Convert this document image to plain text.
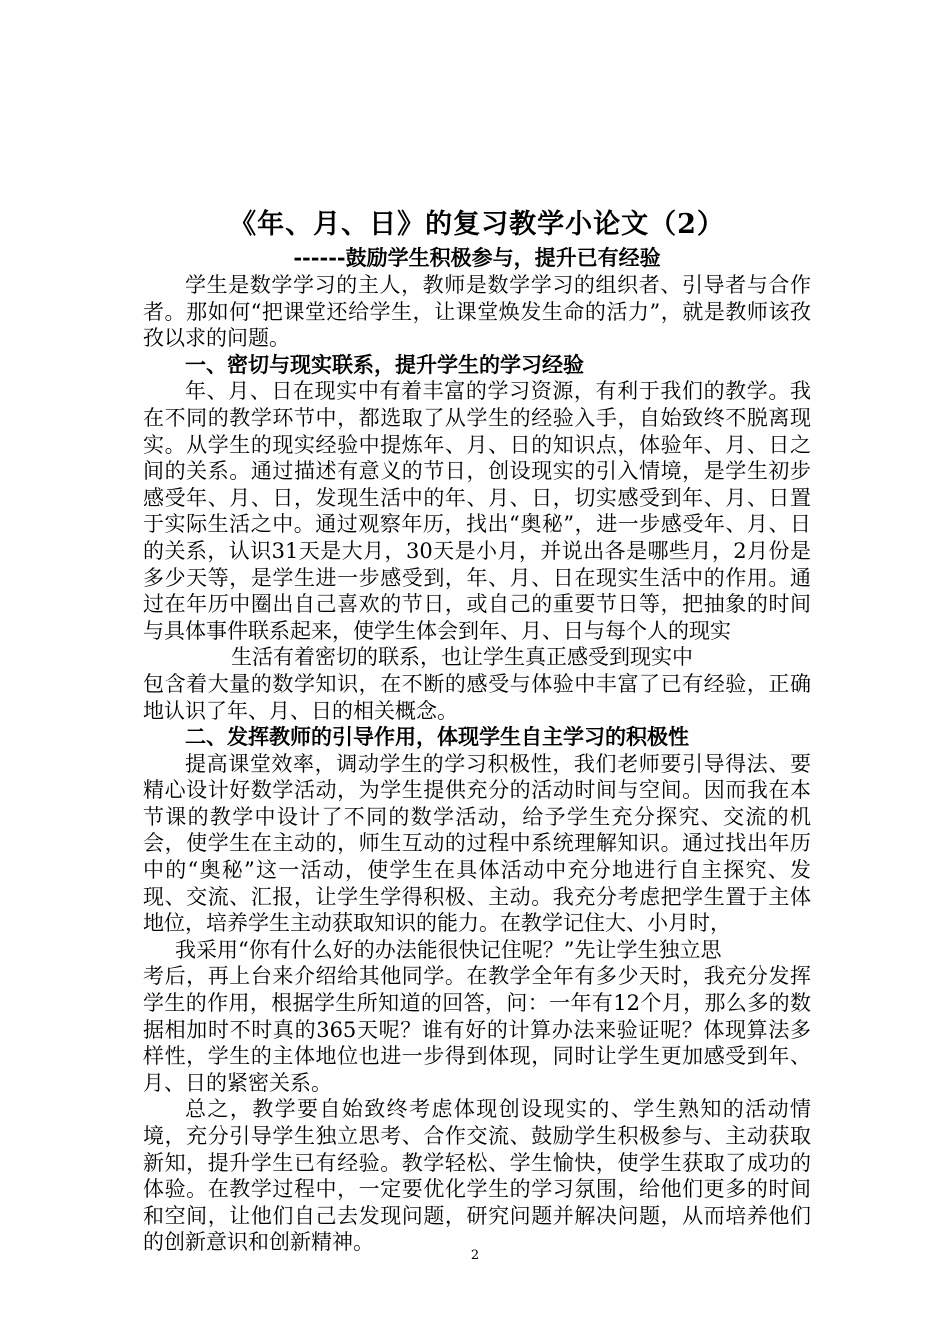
《年、月、日》的复习教学小论文（2）

------鼓励学生积极参与，提升已有经验

学生是数学学习的主人，教师是数学学习的组织者、引导者与合作者。那如何“把课堂还给学生，让课堂焕发生命的活力”，就是教师该孜孜以求的问题。

一、密切与现实联系，提升学生的学习经验

年、月、日在现实中有着丰富的学习资源，有利于我们的教学。我在不同的教学环节中，都选取了从学生的经验入手，自始致终不脱离现实。从学生的现实经验中提炼年、月、日的知识点，体验年、月、日之间的关系。通过描述有意义的节日，创设现实的引入情境，是学生初步感受年、月、日，发现生活中的年、月、日，切实感受到年、月、日置于实际生活之中。通过观察年历，找出“奥秘”，进一步感受年、月、日的关系，认识31天是大月，30天是小月，并说出各是哪些月，2月份是多少天等，是学生进一步感受到，年、月、日在现实生活中的作用。通过在年历中圈出自己喜欢的节日，或自己的重要节日等，把抽象的时间与具体事件联系起来，使学生体会到年、月、日与每个人的现实

生活有着密切的联系，也让学生真正感受到现实中

包含着大量的数学知识，在不断的感受与体验中丰富了已有经验，正确地认识了年、月、日的相关概念。

二、发挥教师的引导作用，体现学生自主学习的积极性

提高课堂效率，调动学生的学习积极性，我们老师要引导得法、要精心设计好数学活动，为学生提供充分的活动时间与空间。因而我在本节课的教学中设计了不同的数学活动，给予学生充分探究、交流的机会，使学生在主动的，师生互动的过程中系统理解知识。通过找出年历中的“奥秘”这一活动，使学生在具体活动中充分地进行自主探究、发现、交流、汇报，让学生学得积极、主动。我充分考虑把学生置于主体地位，培养学生主动获取知识的能力。在教学记住大、小月时，

我采用“你有什么好的办法能很快记住呢？”先让学生独立思

考后，再上台来介绍给其他同学。在教学全年有多少天时，我充分发挥学生的作用，根据学生所知道的回答，问：一年有12个月，那么多的数据相加时不时真的365天呢？谁有好的计算办法来验证呢？体现算法多样性，学生的主体地位也进一步得到体现，同时让学生更加感受到年、月、日的紧密关系。

总之，教学要自始致终考虑体现创设现实的、学生熟知的活动情境，充分引导学生独立思考、合作交流、鼓励学生积极参与、主动获取新知，提升学生已有经验。教学轻松、学生愉快，使学生获取了成功的体验。在教学过程中，一定要优化学生的学习氛围，给他们更多的时间和空间，让他们自己去发现问题，研究问题并解决问题，从而培养他们的创新意识和创新精神。

2
